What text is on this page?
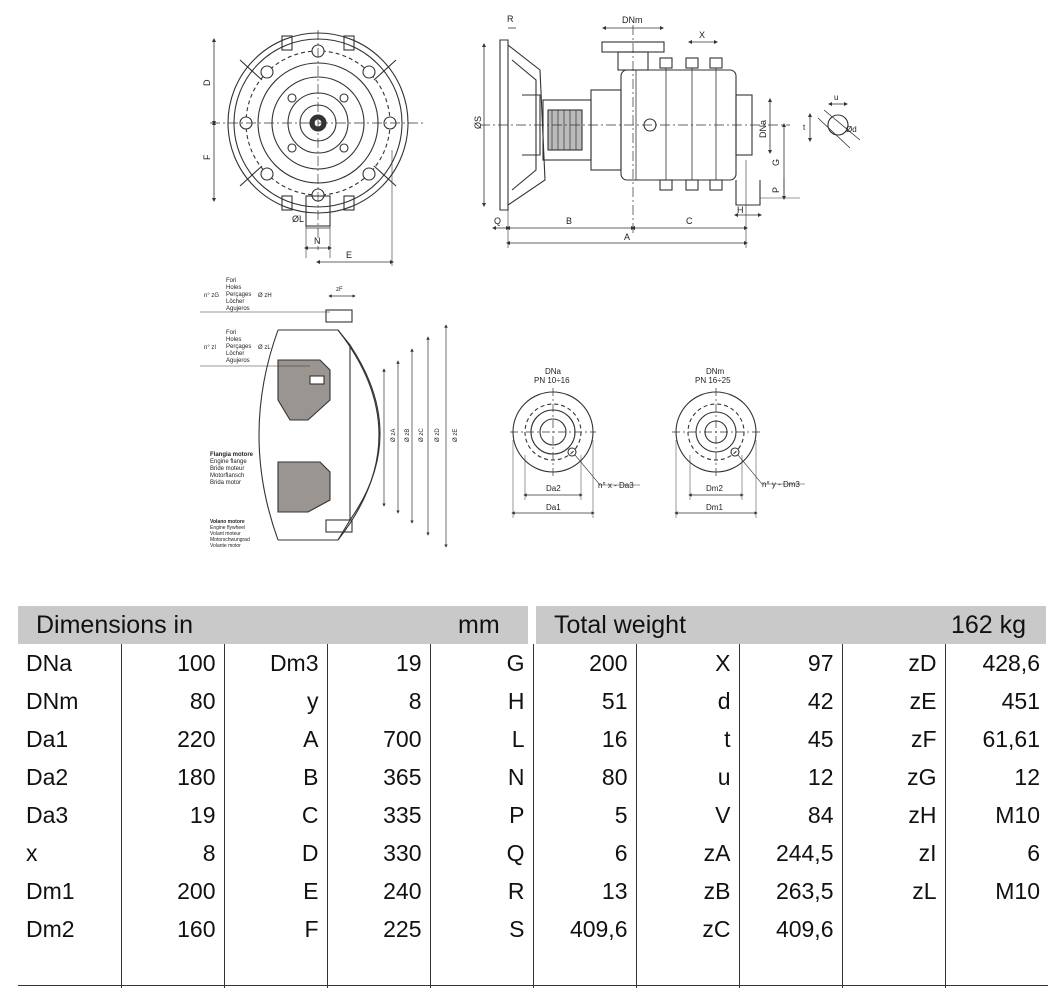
D
F
ØL
N
E
R	DNm
X
ØS	DNa
G
P
H
Q	B	C
A
u
t	Ød
Fori
Holes
Perçages
Löcher
Agujeros
n° zG	Ø zH
zF
Fori
Holes
Perçages
Löcher
Agujeros
n° zI	Ø zL
Flangia motore
Engine flange
Bride moteur
Motorflansch
Brida motor
Volano motore
Engine flywheel
Volant moteur
Motorschwungrad
Volante motor
Ø zA Ø zB Ø zC Ø zD Ø zE
DNa
PN 10÷16
n° x - Da3
Da2
Da1
DNm
PN 16÷25
n° y - Dm3
Dm2
Dm1
Dimensions in	mm Total weight	162 kg
DNa	100	Dm3	19	G	200	X	97	zD	428,6
DNm	80	y	8	H	51	d	42	zE	451
Da1	220	A	700	L	16	t	45	zF	61,61
Da2	180	B	365	N	80	u	12	zG	12
Da3	19	C	335	P	5	V	84	zH	M10
x	8	D	330	Q	6	zA	244,5	zI	6
Dm1	200	E	240	R	13	zB	263,5	zL	M10
Dm2	160	F	225	S	409,6	zC	409,6		
